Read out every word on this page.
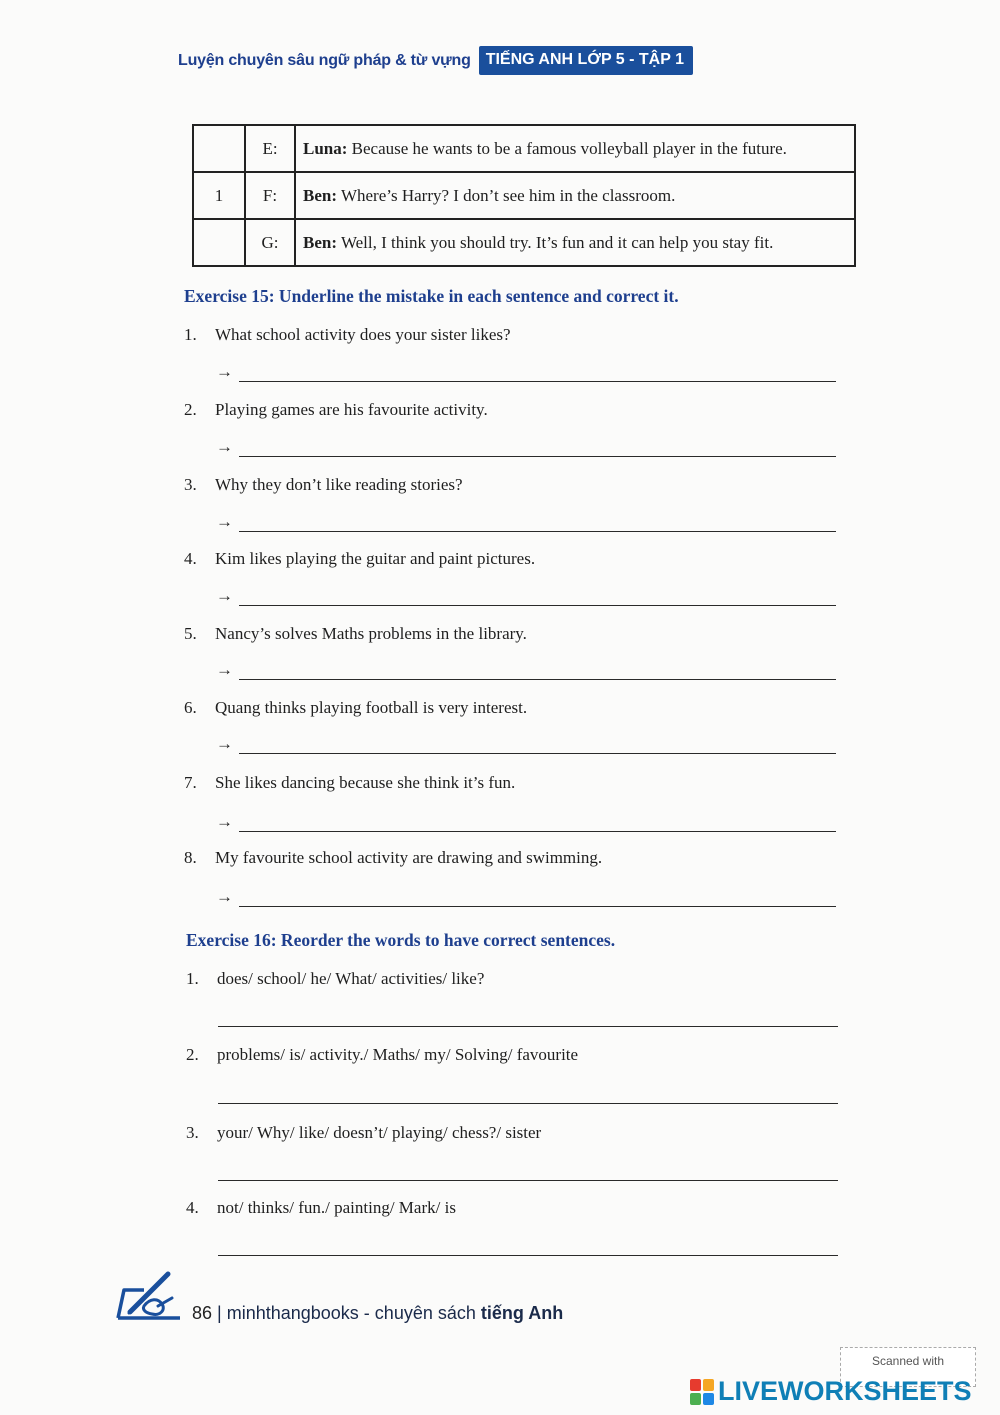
Luyện chuyên sâu ngữ pháp & từ vựng TIẾNG ANH LỚP 5 - TẬP 1
	E:	Luna: Because he wants to be a famous volleyball player in the future.
1	F:	Ben: Where’s Harry? I don’t see him in the classroom.
	G:	Ben: Well, I think you should try. It’s fun and it can help you stay fit.
Exercise 15: Underline the mistake in each sentence and correct it.
1. What school activity does your sister likes?
→
2. Playing games are his favourite activity.
→
3. Why they don’t like reading stories?
→
4. Kim likes playing the guitar and paint pictures.
→
5. Nancy’s solves Maths problems in the library.
→
6. Quang thinks playing football is very interest.
→
7. She likes dancing because she think it’s fun.
→
8. My favourite school activity are drawing and swimming.
→
Exercise 16: Reorder the words to have correct sentences.
1. does/ school/ he/ What/ activities/ like?
2. problems/ is/ activity./ Maths/ my/ Solving/ favourite
3. your/ Why/ like/ doesn’t/ playing/ chess?/ sister
4. not/ thinks/ fun./ painting/ Mark/ is
86 | minhthangbooks - chuyên sách tiếng Anh
Scanned with
LIVEWORKSHEETS
